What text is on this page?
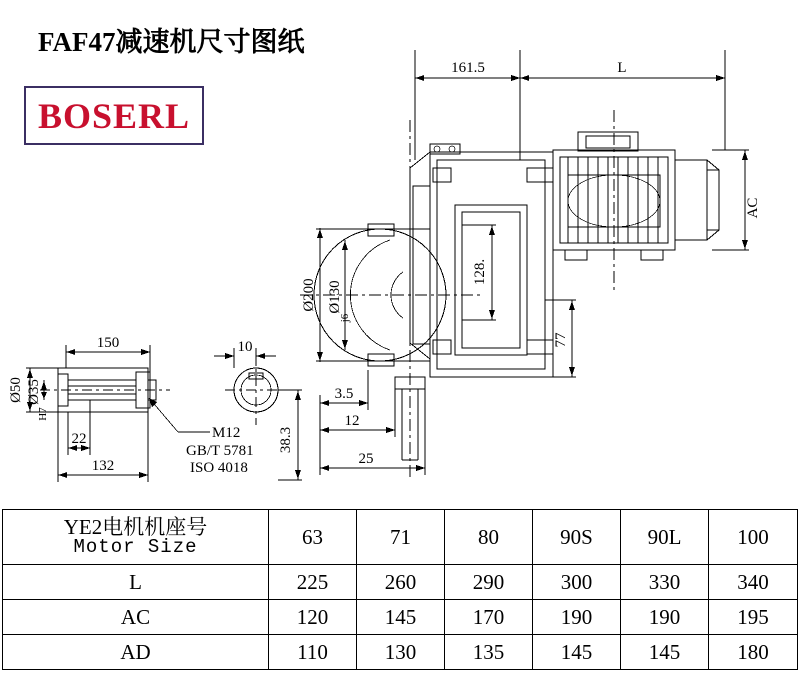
FAF47减速机尺寸图纸
BOSERL
161.5	L
AC
128.
Ø200 Ø130
j6
77
3.5
12
25
150	10
22
132
Ø50 Ø35
H7
38.3
M12
GB/T 5781
ISO 4018
YE2电机机座号
Motor Size	63	71	80	90S	90L	100
L	225	260	290	300	330	340
AC	120	145	170	190	190	195
AD	110	130	135	145	145	180
